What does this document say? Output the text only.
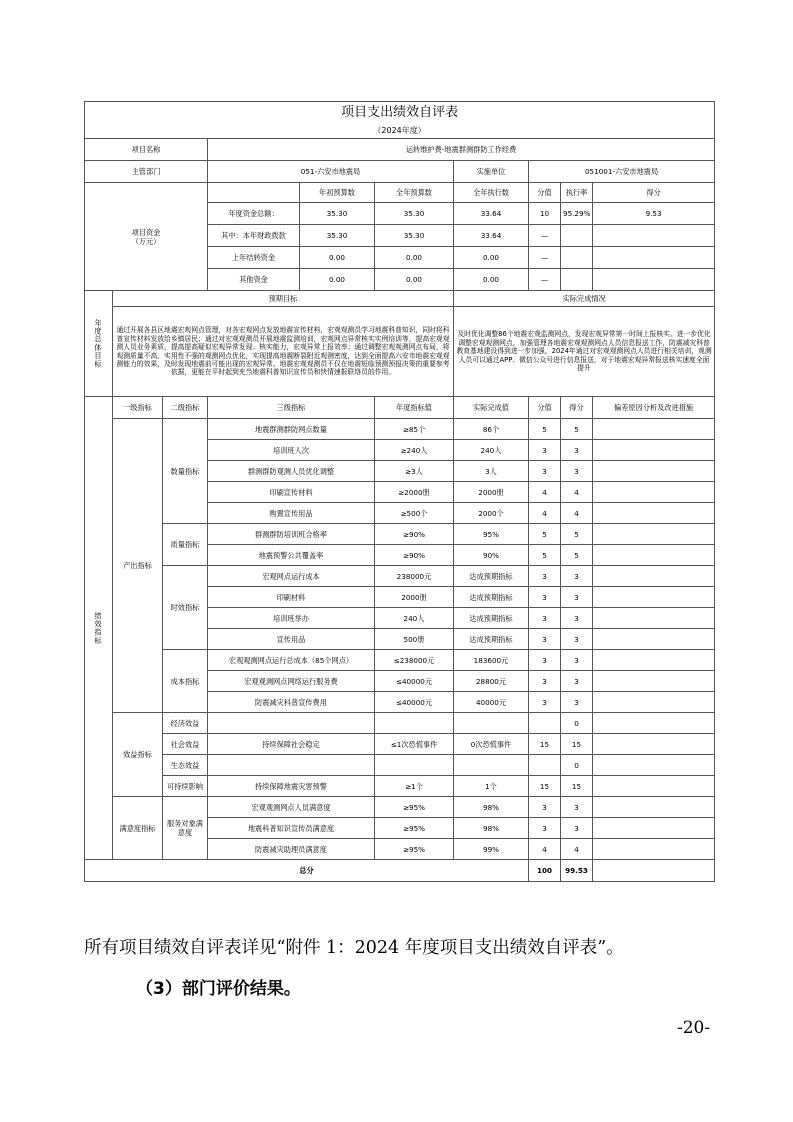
项目支出绩效自评表									
（2024年度）									
项目名称			运转维护费-地震群测群防工作经费						
主管部门			051-六安市地震局			实施单位	051001-六安市地震局		

项目资金
（万元）				年初预算数	全年预算数	全年执行数	分值	执行率	得分
			年度资金总额：	35.30	35.30	33.64	10	95.29%	9.53
			其中：本年财政拨款	35.30	35.30	33.64	—		
			上年结转资金	0.00	0.00	0.00	—		
			其他资金	0.00	0.00	0.00	—		
年度总体目标	预期目标					实际完成情况			
	通过开展各县区地震宏观网点管理，对各宏观网点发放地震宣传材料，宏观观测员学习地震科普知识，同时将科普宣传材料发放给乡镇居民；通过对宏观观测员开展地震监测培训，宏观网点异常核实实例培训等，提高宏观观测人员业务素质，提高提高疑似宏观异常发现、核实能力，宏观异常上报效率；通过调整宏观观测网点布局，将观测质量不高、实用性不强的观测网点优化，实现提高地震断裂附近观测密度，达到全面提高六安市地震宏观观测能力的效果，及时发现地震前可能出现的宏观异常。地震宏观观测员不仅在地震短临预测预报决策的重要参考依据，更能在平时起到充当地震科普知识宣传员和快情速报联络员的作用。					及时优化调整86个地震宏观监测网点，发现宏观异常第一时间上报核实。进一步优化调整宏观观测网点，加强管理各地震宏观观测网点人员信息报送工作，防震减灾科普教育基地建设得到进一步加强，2024年通过对宏观观测网点人员进行相关培训，观测人员可以通过APP、微信公众号进行信息报送，对于地震宏观异常报送核实速度全面提升			
绩效指标	一级指标	二级指标	三级指标		年度指标值	实际完成值	分值	得分	偏差原因分析及改进措施
	产出指标	数量指标	地震群测群防网点数量		≥85个	86个	5	5	
			培训班人次		≥240人	240人	3	3	
			群测群防观测人员优化调整		≥3人	3人	3	3	
			印刷宣传材料		≥2000册	2000册	4	4	
			购置宣传用品		≥500个	2000个	4	4	
		质量指标	群测群防培训班合格率		≥90%	95%	5	5	
			地震预警公共覆盖率		≥90%	90%	5	5	
		时效指标	宏观网点运行成本		238000元	达成预期指标	3	3	
			印刷材料		2000册	达成预期指标	3	3	
			培训班举办		240人	达成预期指标	3	3	
			宣传用品		500册	达成预期指标	3	3	
		成本指标	宏观观测网点运行总成本（85个网点）		≤238000元	183600元	3	3	
			宏观观测网点网络运行服务费		≤40000元	28800元	3	3	
			防震减灾科普宣传费用		≤40000元	40000元	3	3	
	效益指标	经济效益						0	
		社会效益	持续保障社会稳定		≤1次恐慌事件	0次恐慌事件	15	15	
		生态效益						0	
		可持续影响	持续保障地震灾害预警		≥1个	1个	15	15	
	满意度指标	服务对象满意度	宏观观测网点人员满意度		≥95%	98%	3	3	
			地震科普知识宣传员满意度		≥95%	98%	3	3	
			防震减灾助理员满意度		≥95%	99%	4	4	
总分							100	99.53	
所有项目绩效自评表详见“附件 1：2024 年度项目支出绩效自评表”。
（3）部门评价结果。
-20-
